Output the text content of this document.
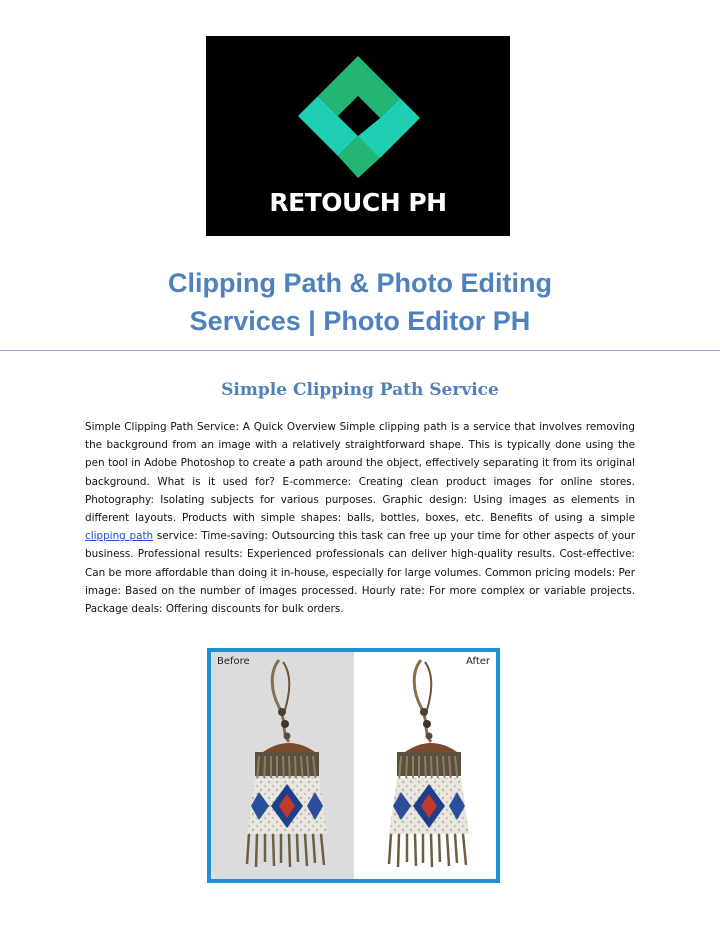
RETOUCH PH
Clipping Path & Photo Editing
Services | Photo Editor PH
Simple Clipping Path Service

Simple Clipping Path Service: A Quick Overview Simple clipping path is a service that involves removing the background from an image with a relatively straightforward shape. This is typically done using the pen tool in Adobe Photoshop to create a path around the object, effectively separating it from its original background. What is it used for? E-commerce: Creating clean product images for online stores. Photography: Isolating subjects for various purposes. Graphic design: Using images as elements in different layouts. Products with simple shapes: balls, bottles, boxes, etc. Benefits of using a simple clipping path service: Time-saving: Outsourcing this task can free up your time for other aspects of your business. Professional results: Experienced professionals can deliver high-quality results. Cost-effective: Can be more affordable than doing it in-house, especially for large volumes. Common pricing models: Per image: Based on the number of images processed. Hourly rate: For more complex or variable projects. Package deals: Offering discounts for bulk orders.

Before	After
